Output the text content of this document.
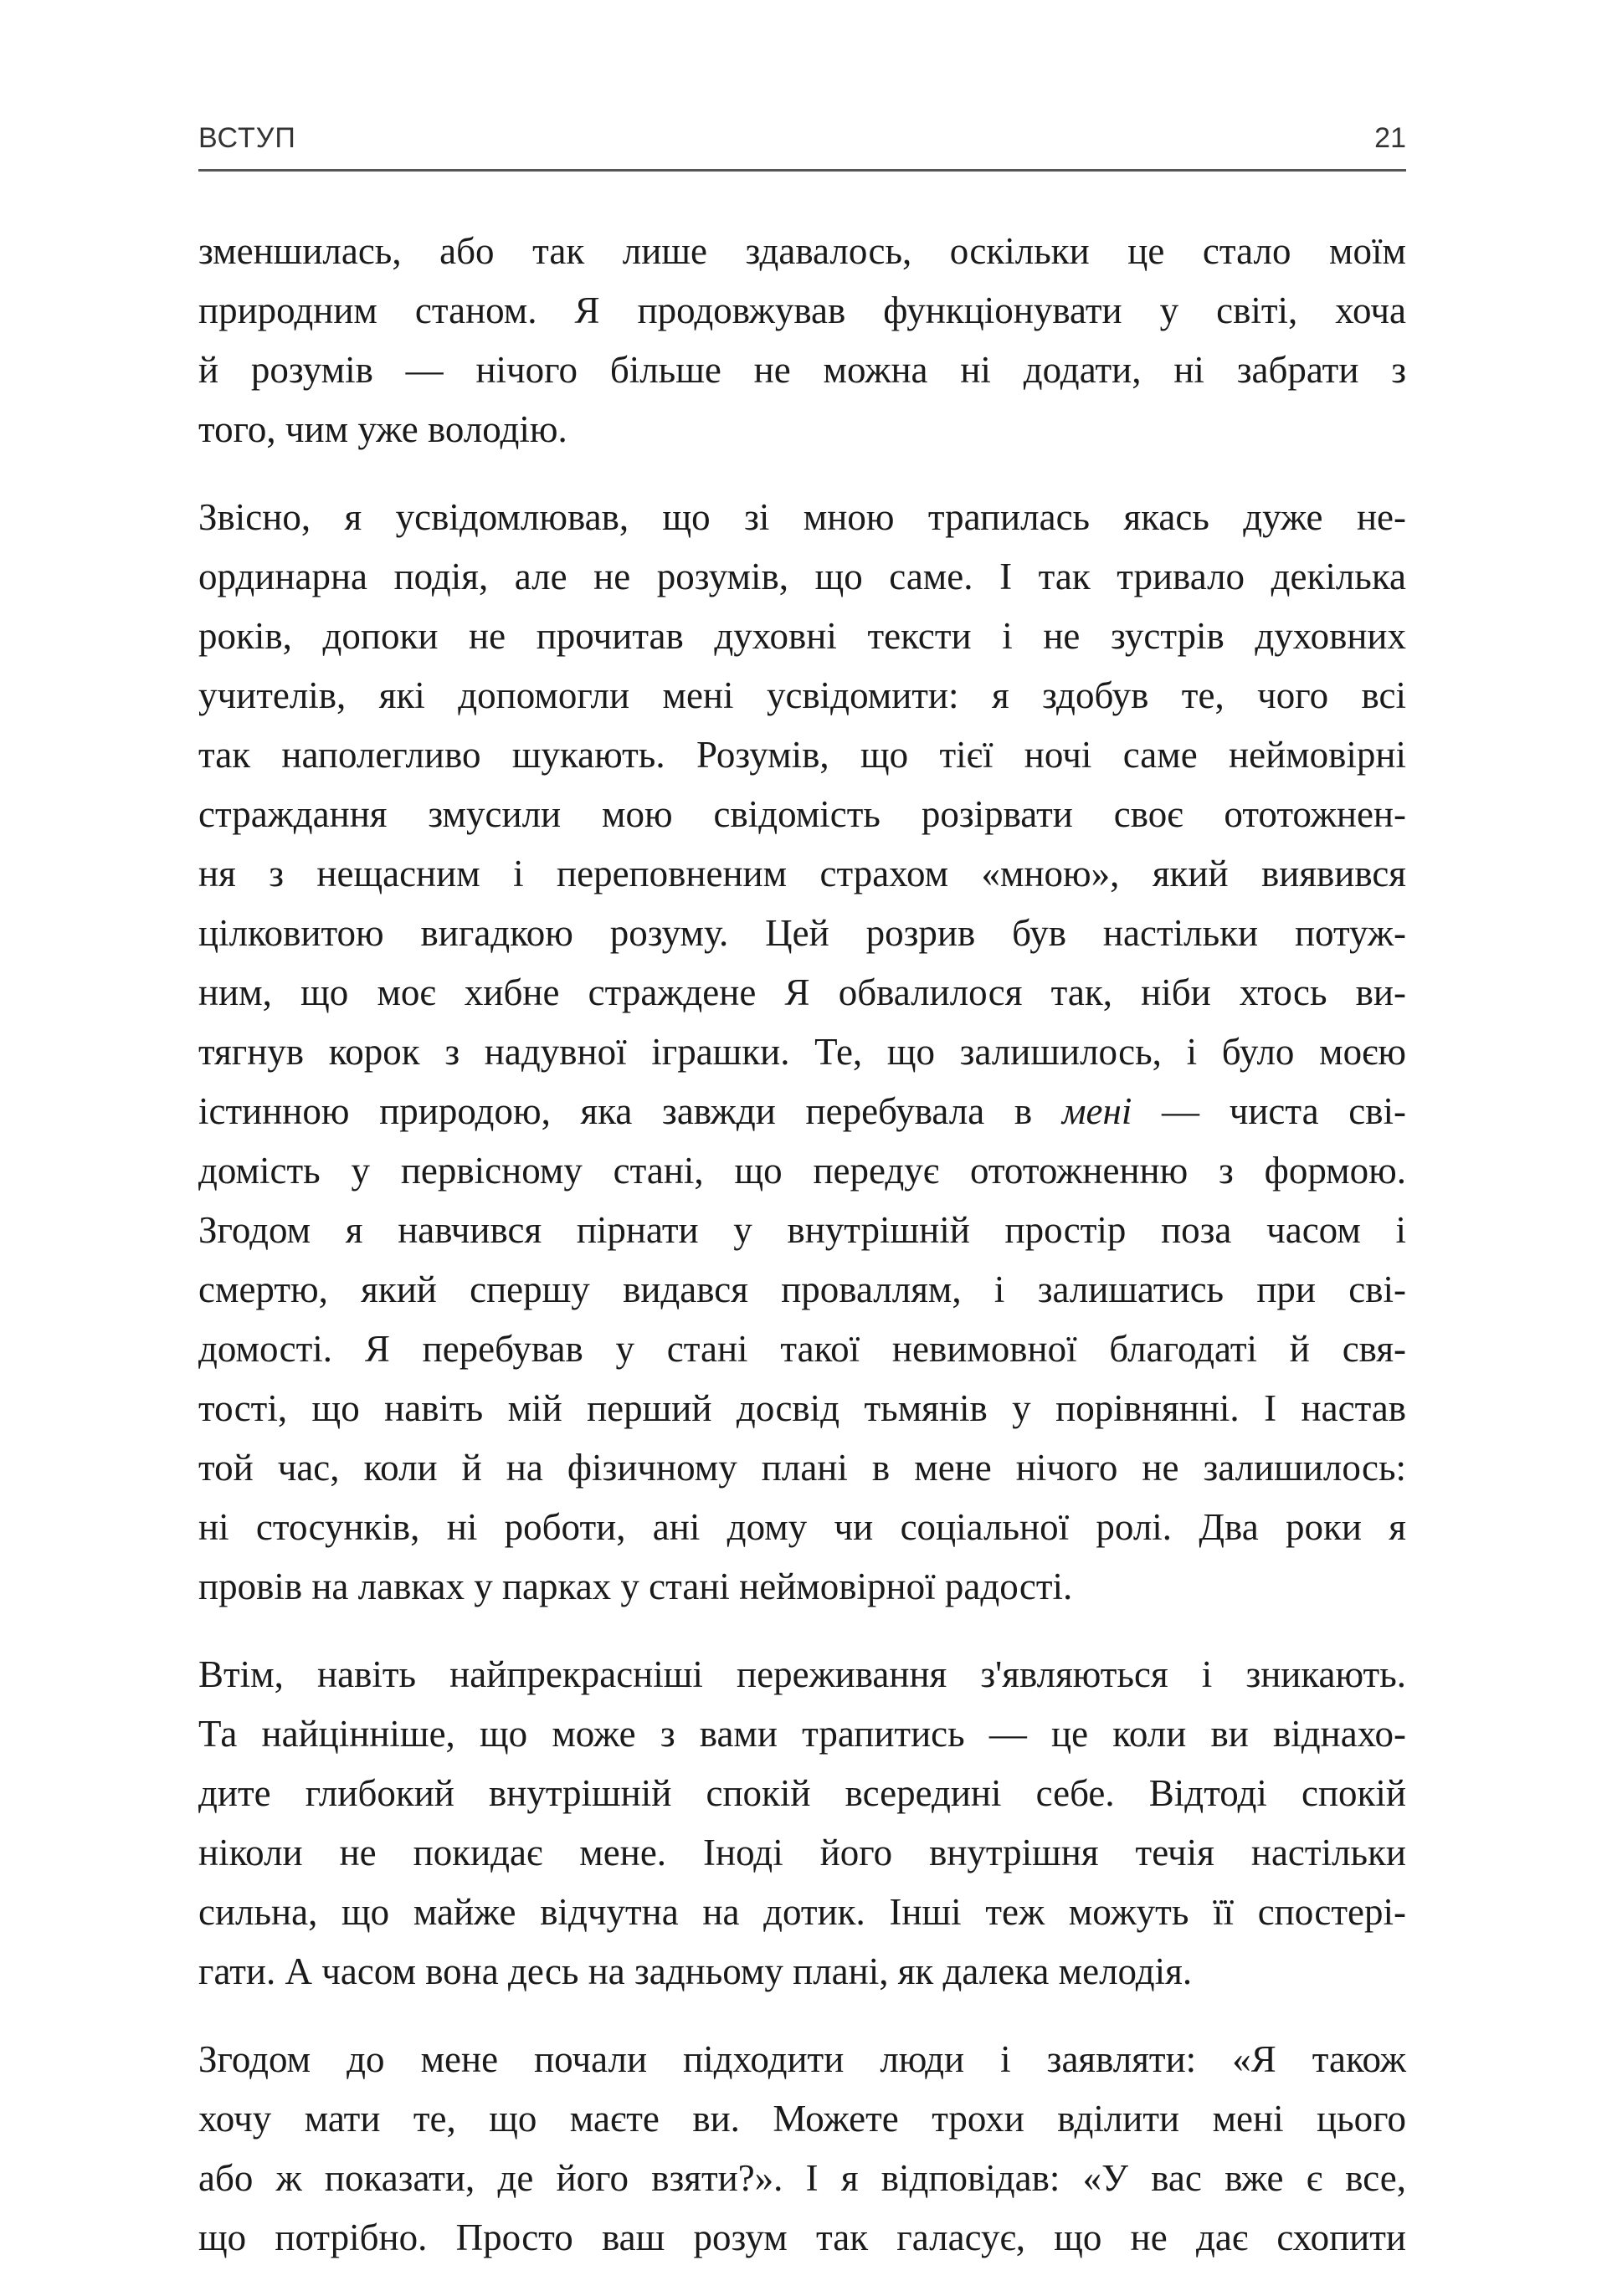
ВСТУП	21
зменшилась, або так лише здавалось, оскільки це стало моїм
природним станом. Я продовжував функціонувати у світі, хоча
й розумів — нічого більше не можна ні додати, ні забрати з
того, чим уже володію.
Звісно, я усвідомлював, що зі мною трапилась якась дуже не-
ординарна подія, але не розумів, що саме. І так тривало декілька
років, допоки не прочитав духовні тексти і не зустрів духовних
учителів, які допомогли мені усвідомити: я здобув те, чого всі
так наполегливо шукають. Розумів, що тієї ночі саме неймовірні
страждання змусили мою свідомість розірвати своє ототожнен-
ня з нещасним і переповненим страхом «мною», який виявився
цілковитою вигадкою розуму. Цей розрив був настільки потуж-
ним, що моє хибне страждене Я обвалилося так, ніби хтось ви-
тягнув корок з надувної іграшки. Те, що залишилось, і було моєю
істинною природою, яка завжди перебувала в мені — чиста сві-
домість у первісному стані, що передує ототожненню з формою.
Згодом я навчився пірнати у внутрішній простір поза часом і
смертю, який спершу видався проваллям, і залишатись при сві-
домості. Я перебував у стані такої невимовної благодаті й свя-
тості, що навіть мій перший досвід тьмянів у порівнянні. І настав
той час, коли й на фізичному плані в мене нічого не залишилось:
ні стосунків, ні роботи, ані дому чи соціальної ролі. Два роки я
провів на лавках у парках у стані неймовірної радості.
Втім, навіть найпрекрасніші переживання з'являються і зникають.
Та найцінніше, що може з вами трапитись — це коли ви віднахо-
дите глибокий внутрішній спокій всередині себе. Відтоді спокій
ніколи не покидає мене. Іноді його внутрішня течія настільки
сильна, що майже відчутна на дотик. Інші теж можуть її спостері-
гати. А часом вона десь на задньому плані, як далека мелодія.
Згодом до мене почали підходити люди і заявляти: «Я також
хочу мати те, що маєте ви. Можете трохи вділити мені цього
або ж показати, де його взяти?». І я відповідав: «У вас вже є все,
що потрібно. Просто ваш розум так галасує, що не дає схопити
